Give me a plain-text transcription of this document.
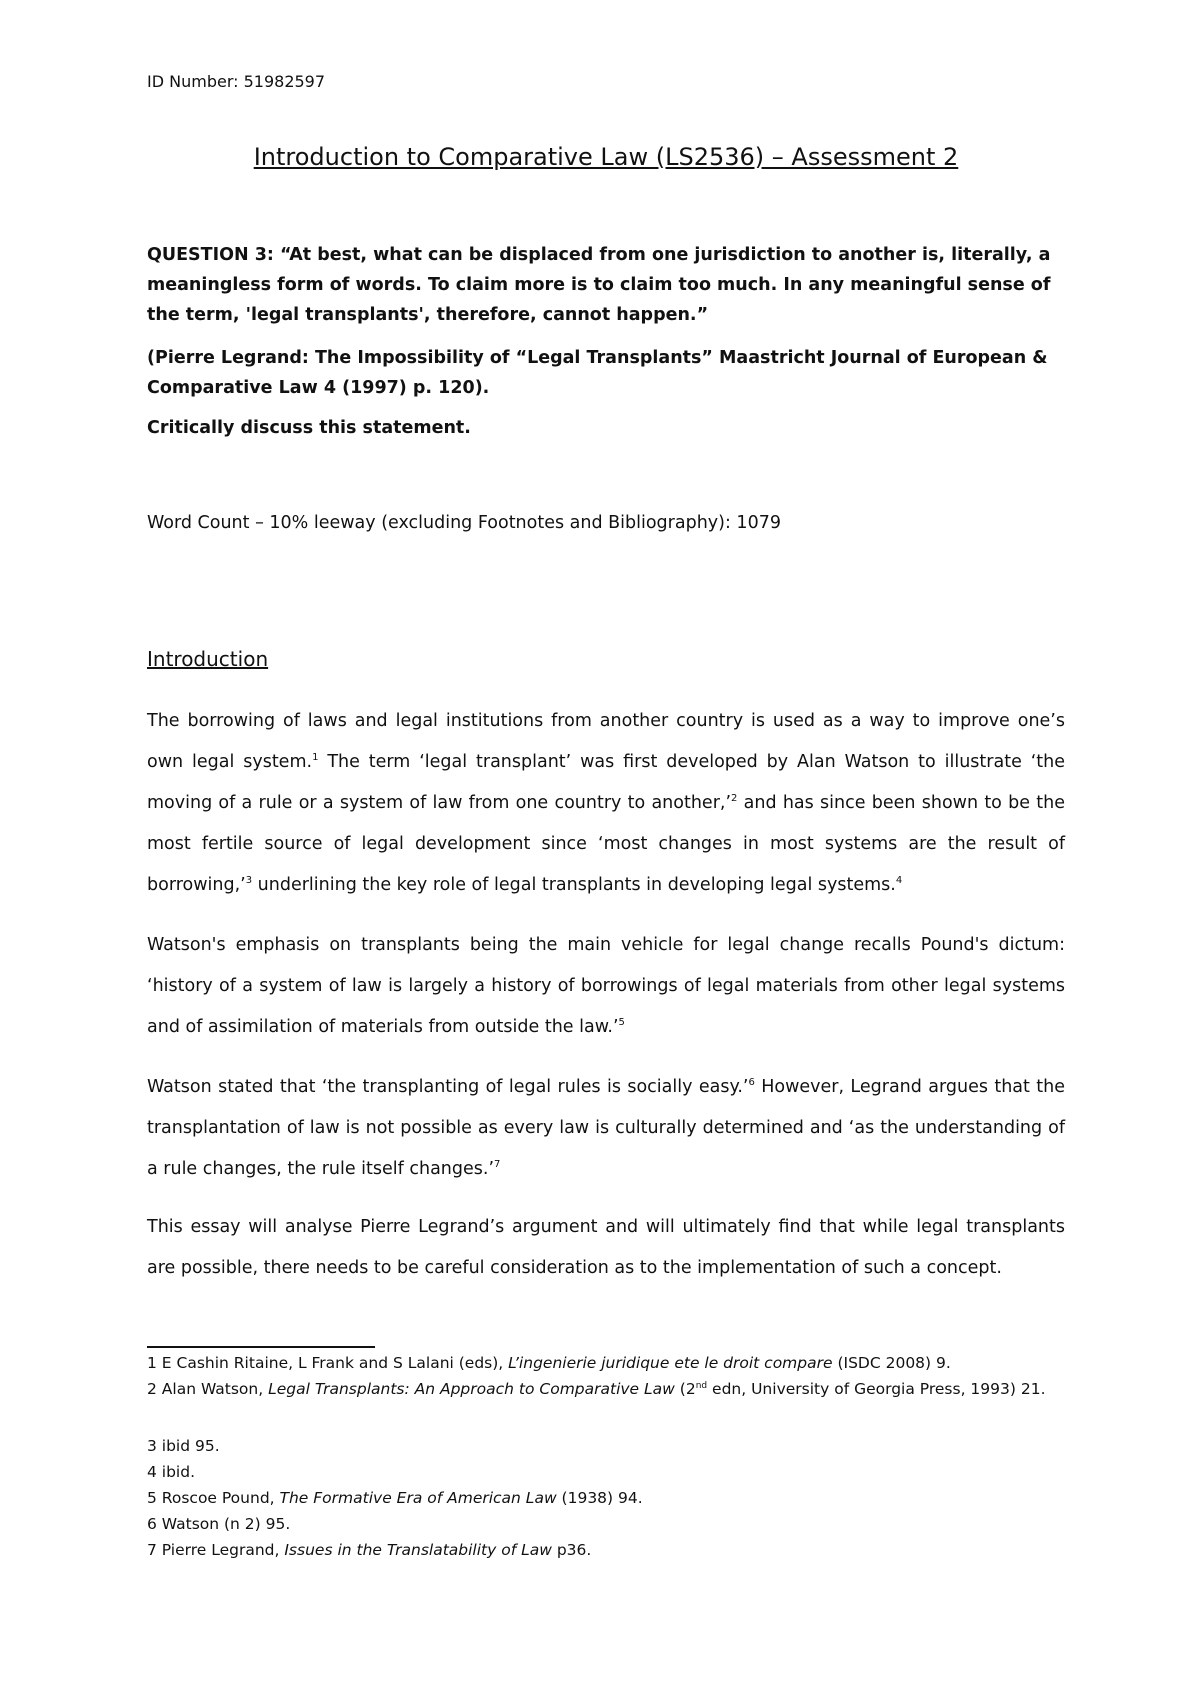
ID Number: 51982597

Introduction to Comparative Law (LS2536) – Assessment 2

QUESTION 3: “At best, what can be displaced from one jurisdiction to another is, literally, a meaningless form of words. To claim more is to claim too much. In any meaningful sense of the term, 'legal transplants', therefore, cannot happen.”

(Pierre Legrand: The Impossibility of “Legal Transplants” Maastricht Journal of European & Comparative Law 4 (1997) p. 120).

Critically discuss this statement.

Word Count – 10% leeway (excluding Footnotes and Bibliography): 1079

Introduction

The borrowing of laws and legal institutions from another country is used as a way to improve one’s own legal system.$^1$ The term ‘legal transplant’ was first developed by Alan Watson to illustrate ‘the moving of a rule or a system of law from one country to another,’$^2$ and has since been shown to be the most fertile source of legal development since ‘most changes in most systems are the result of borrowing,’$^3$ underlining the key role of legal transplants in developing legal systems.$^4$

Watson's emphasis on transplants being the main vehicle for legal change recalls Pound's dictum: ‘history of a system of law is largely a history of borrowings of legal materials from other legal systems and of assimilation of materials from outside the law.’$^5$

Watson stated that ‘the transplanting of legal rules is socially easy.’$^6$ However, Legrand argues that the transplantation of law is not possible as every law is culturally determined and ‘as the understanding of a rule changes, the rule itself changes.’$^7$

This essay will analyse Pierre Legrand’s argument and will ultimately find that while legal transplants are possible, there needs to be careful consideration as to the implementation of such a concept.

1 E Cashin Ritaine, L Frank and S Lalani (eds), L’ingenierie juridique ete le droit compare (ISDC 2008) 9.

2 Alan Watson, Legal Transplants: An Approach to Comparative Law (2nd edn, University of Georgia Press, 1993) 21.

3 ibid 95.

4 ibid.

5 Roscoe Pound, The Formative Era of American Law (1938) 94.

6 Watson (n 2) 95.

7 Pierre Legrand, Issues in the Translatability of Law p36.
